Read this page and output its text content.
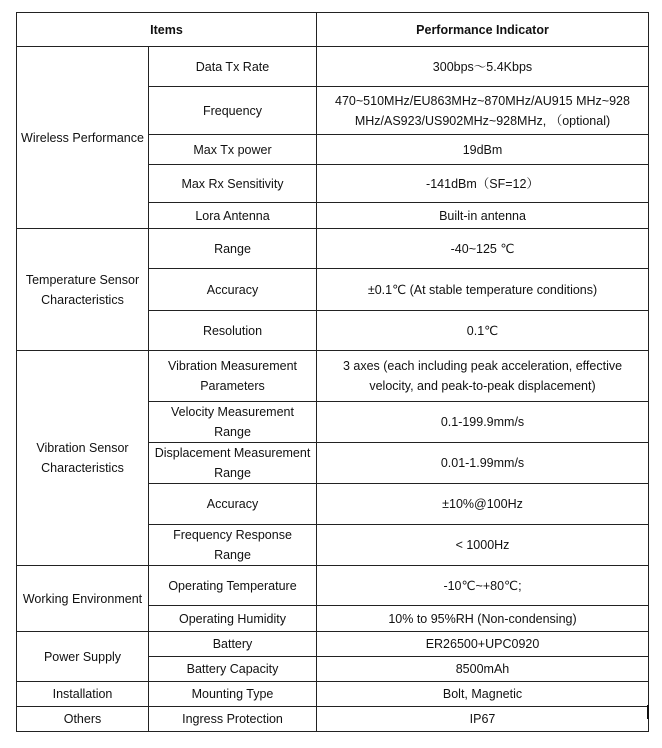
Items		Performance Indicator
Wireless Performance	Data Tx Rate	300bps～5.4Kbps
	Frequency	470~510MHz/EU863MHz~870MHz/AU915 MHz~928 MHz/AS923/US902MHz~928MHz, （optional)
	Max Tx power	19dBm
	Max Rx Sensitivity	-141dBm（SF=12）
	Lora Antenna	Built-in antenna
Temperature Sensor Characteristics	Range	-40~125 ℃
	Accuracy	±0.1℃ (At stable temperature conditions)
	Resolution	0.1℃
Vibration Sensor Characteristics	Vibration Measurement Parameters	3 axes (each including peak acceleration, effective velocity, and peak-to-peak displacement)
	Velocity Measurement Range	0.1-199.9mm/s
	Displacement Measurement Range	0.01-1.99mm/s
	Accuracy	±10%@100Hz
	Frequency Response Range	< 1000Hz
Working Environment	Operating Temperature	-10℃~+80℃;
	Operating Humidity	10% to 95%RH (Non-condensing)
Power Supply	Battery	ER26500+UPC0920
	Battery Capacity	8500mAh
Installation	Mounting Type	Bolt, Magnetic
Others	Ingress Protection	IP67
